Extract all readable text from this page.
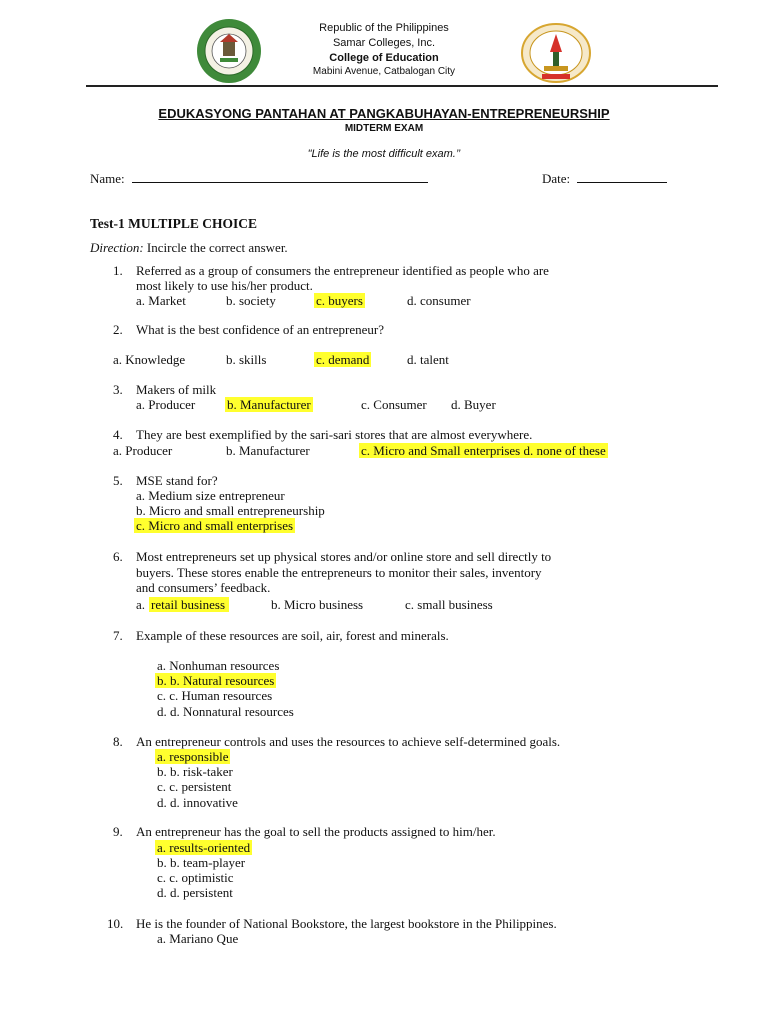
Republic of the Philippines
Samar Colleges, Inc.
College of Education
Mabini Avenue, Catbalogan City
EDUKASYONG PANTAHAN AT PANGKABUHAYAN-ENTREPRENEURSHIP
MIDTERM EXAM
"Life is the most difficult exam.’’
Name:	Date:
Test-1 MULTIPLE CHOICE
Direction: Incircle the correct answer.
1. Referred as a group of consumers the entrepreneur identified as people who are
most likely to use his/her product.
a. Market	b. society	c. buyers	d. consumer
2. What is the best confidence of an entrepreneur?
a. Knowledge	b. skills	c. demand	d. talent
3. Makers of milk
a. Producer b. Manufacturer	c. Consumer d. Buyer
4. They are best exemplified by the sari-sari stores that are almost everywhere.
a. Producer	b. Manufacturer	c. Micro and Small enterprises d. none of these
5. MSE stand for?
a. Medium size entrepreneur
b. Micro and small entrepreneurship
c. Micro and small enterprises
6. Most entrepreneurs set up physical stores and/or online store and sell directly to
buyers. These stores enable the entrepreneurs to monitor their sales, inventory
and consumers’ feedback.
a. retail business	b. Micro business	c. small business
7. Example of these resources are soil, air, forest and minerals.
a. Nonhuman resources
b. b. Natural resources
c. c. Human resources
d. d. Nonnatural resources
8. An entrepreneur controls and uses the resources to achieve self-determined goals.
a. responsible
b. b. risk-taker
c. c. persistent
d. d. innovative
9. An entrepreneur has the goal to sell the products assigned to him/her.
a. results-oriented
b. b. team-player
c. c. optimistic
d. d. persistent
10. He is the founder of National Bookstore, the largest bookstore in the Philippines.
a. Mariano Que
